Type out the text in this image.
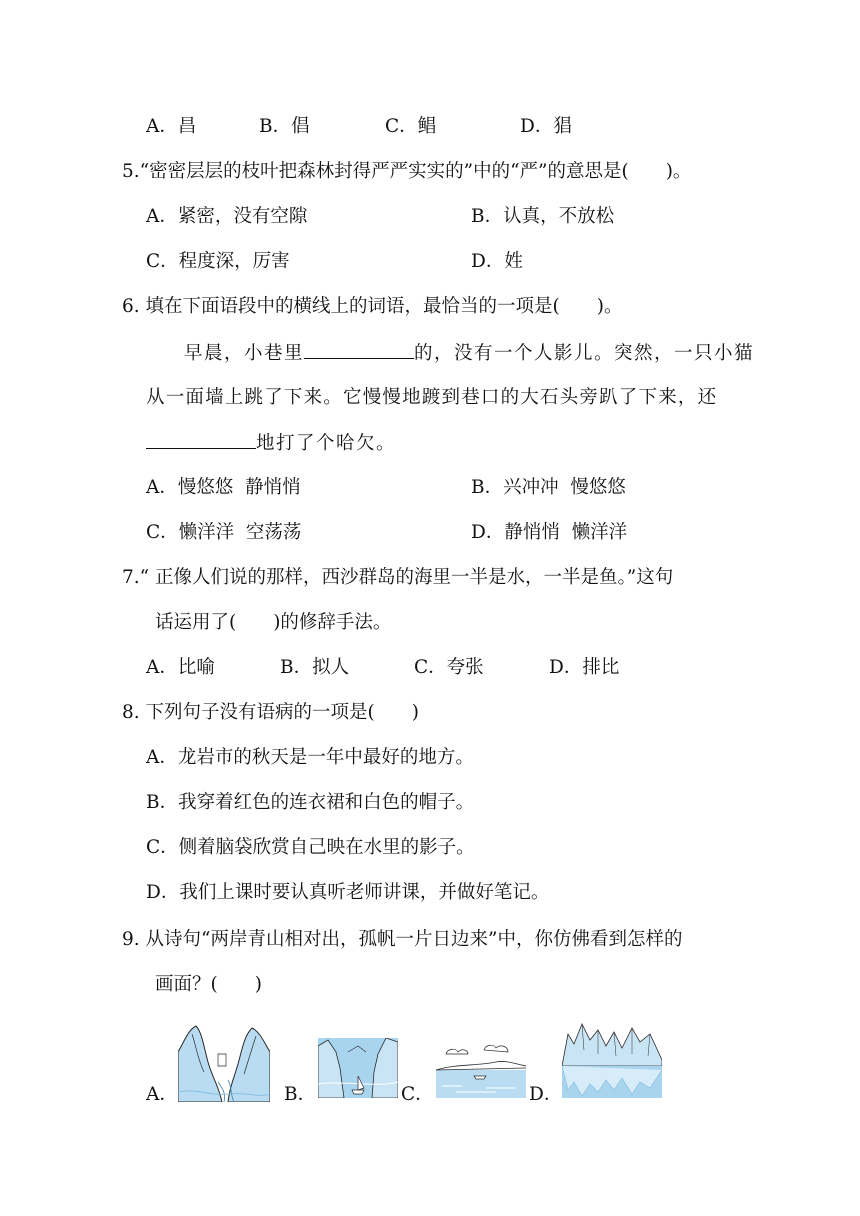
A．昌	B．倡	C．鲳	D．猖
5.“密密层层的枝叶把森林封得严严实实的”中的“严”的意思是(　　)。
A．紧密，没有空隙	B．认真，不放松
C．程度深，厉害	D．姓
6. 填在下面语段中的横线上的词语，最恰当的一项是(　　)。
早晨，小巷里	的，没有一个人影儿。突然，一只小猫
从一面墙上跳了下来。它慢慢地踱到巷口的大石头旁趴了下来，还
地打了个哈欠。
A．慢悠悠  静悄悄	B．兴冲冲  慢悠悠
C．懒洋洋  空荡荡	D．静悄悄  懒洋洋
7.“ 正像人们说的那样，西沙群岛的海里一半是水，一半是鱼。”这句
话运用了(　　)的修辞手法。
A．比喻	B．拟人	C．夸张	D．排比
8. 下列句子没有语病的一项是(　　)
A．龙岩市的秋天是一年中最好的地方。
B．我穿着红色的连衣裙和白色的帽子。
C．侧着脑袋欣赏自己映在水里的影子。
D．我们上课时要认真听老师讲课，并做好笔记。
9. 从诗句“两岸青山相对出，孤帆一片日边来”中，你仿佛看到怎样的
画面？(　　)
A．	B．	C．	D．
